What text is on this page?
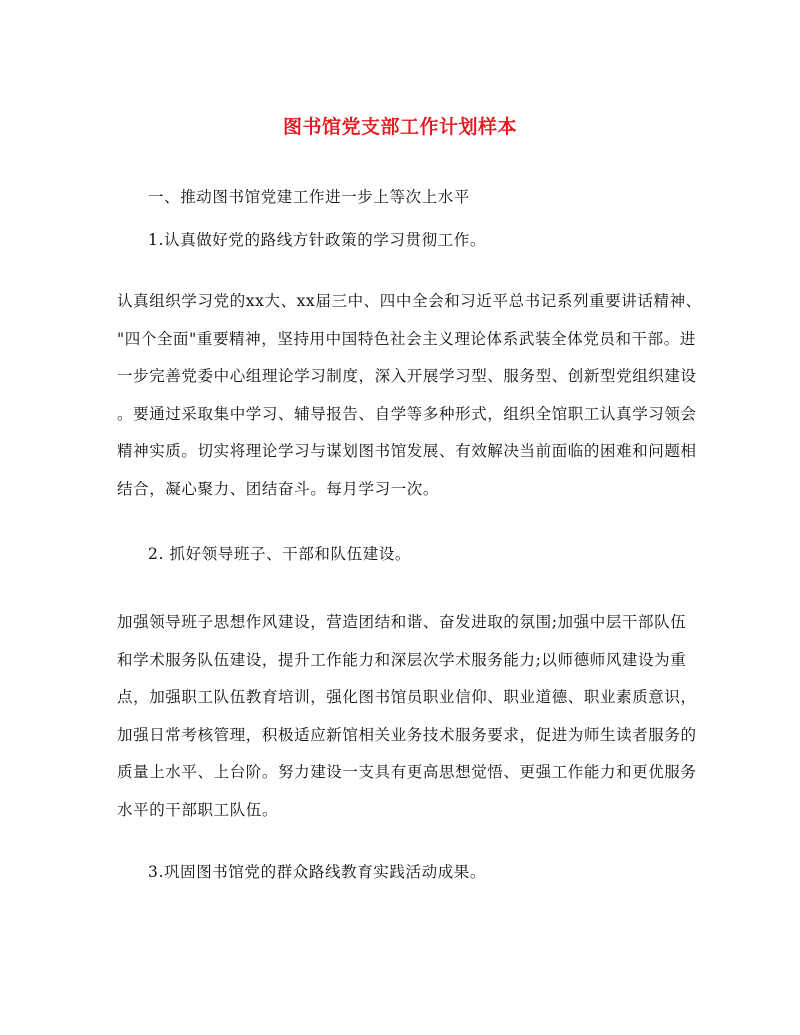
图书馆党支部工作计划样本
一、推动图书馆党建工作进一步上等次上水平
1.认真做好党的路线方针政策的学习贯彻工作。
认真组织学习党的xx大、xx届三中、四中全会和习近平总书记系列重要讲话精神、
"四个全面"重要精神，坚持用中国特色社会主义理论体系武装全体党员和干部。进
一步完善党委中心组理论学习制度，深入开展学习型、服务型、创新型党组织建设
。要通过采取集中学习、辅导报告、自学等多种形式，组织全馆职工认真学习领会
精神实质。切实将理论学习与谋划图书馆发展、有效解决当前面临的困难和问题相
结合，凝心聚力、团结奋斗。每月学习一次。
2. 抓好领导班子、干部和队伍建设。
加强领导班子思想作风建设，营造团结和谐、奋发进取的氛围;加强中层干部队伍
和学术服务队伍建设，提升工作能力和深层次学术服务能力;以师德师风建设为重
点，加强职工队伍教育培训，强化图书馆员职业信仰、职业道德、职业素质意识，
加强日常考核管理，积极适应新馆相关业务技术服务要求，促进为师生读者服务的
质量上水平、上台阶。努力建设一支具有更高思想觉悟、更强工作能力和更优服务
水平的干部职工队伍。
3.巩固图书馆党的群众路线教育实践活动成果。
